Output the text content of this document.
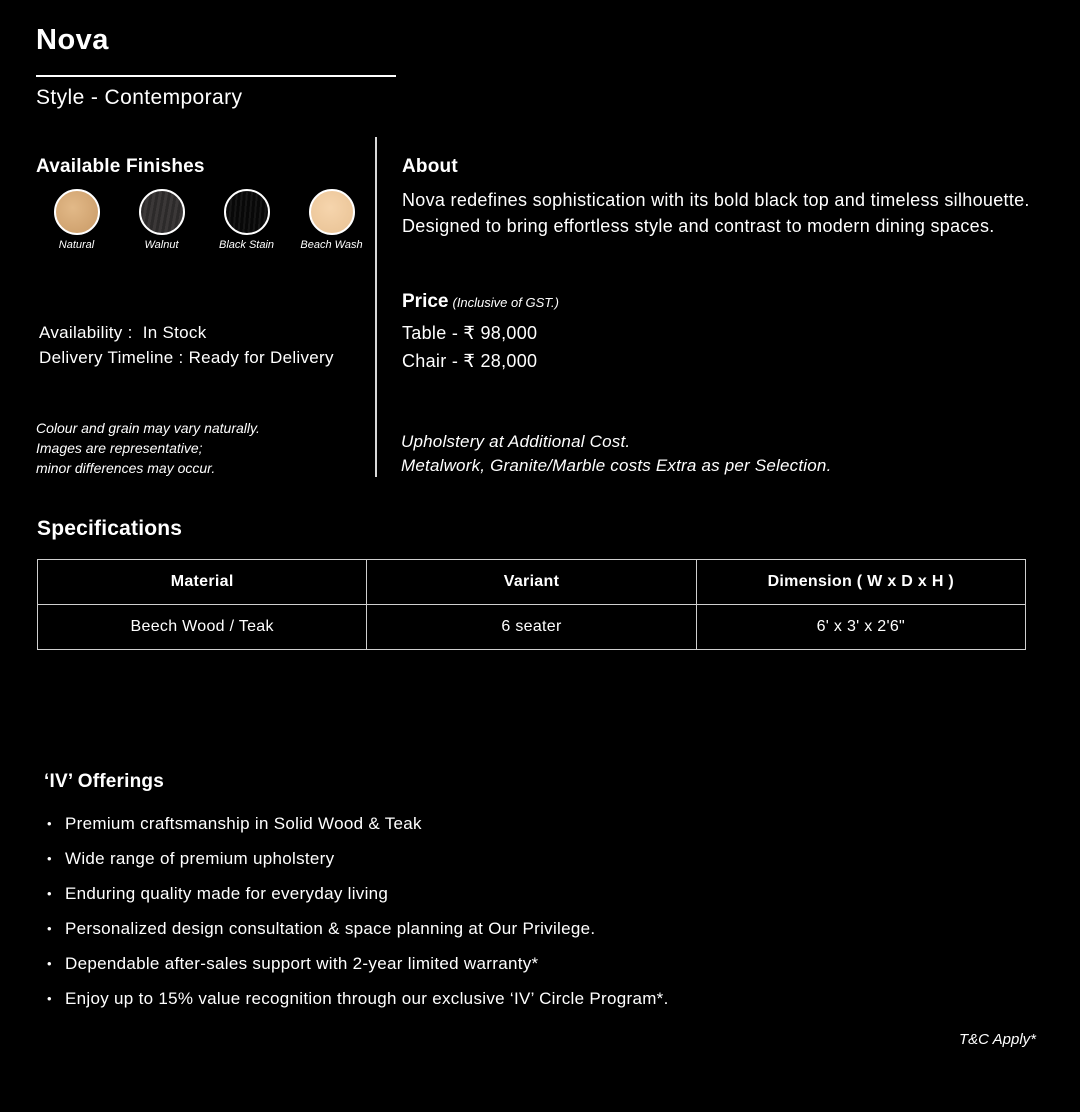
Nova
Style - Contemporary
Available Finishes
Natural	Walnut	Black Stain Beach Wash
Availability :  In Stock
Delivery Timeline : Ready for Delivery
Colour and grain may vary naturally.
Images are representative;
minor differences may occur.
About
Nova redefines sophistication with its bold black top and timeless silhouette. Designed to bring effortless style and contrast to modern dining spaces.
Price (Inclusive of GST.)
Table - ₹ 98,000
Chair - ₹ 28,000
Upholstery at Additional Cost.
Metalwork, Granite/Marble costs Extra as per Selection.
Specifications
Material	Variant	Dimension ( W x D x H )
Beech Wood / Teak	6 seater	6' x 3' x 2'6"
‘IV’ Offerings
• Premium craftsmanship in Solid Wood & Teak
• Wide range of premium upholstery
• Enduring quality made for everyday living
• Personalized design consultation & space planning at Our Privilege.
• Dependable after-sales support with 2-year limited warranty*
• Enjoy up to 15% value recognition through our exclusive ‘IV’ Circle Program*.
T&C Apply*
